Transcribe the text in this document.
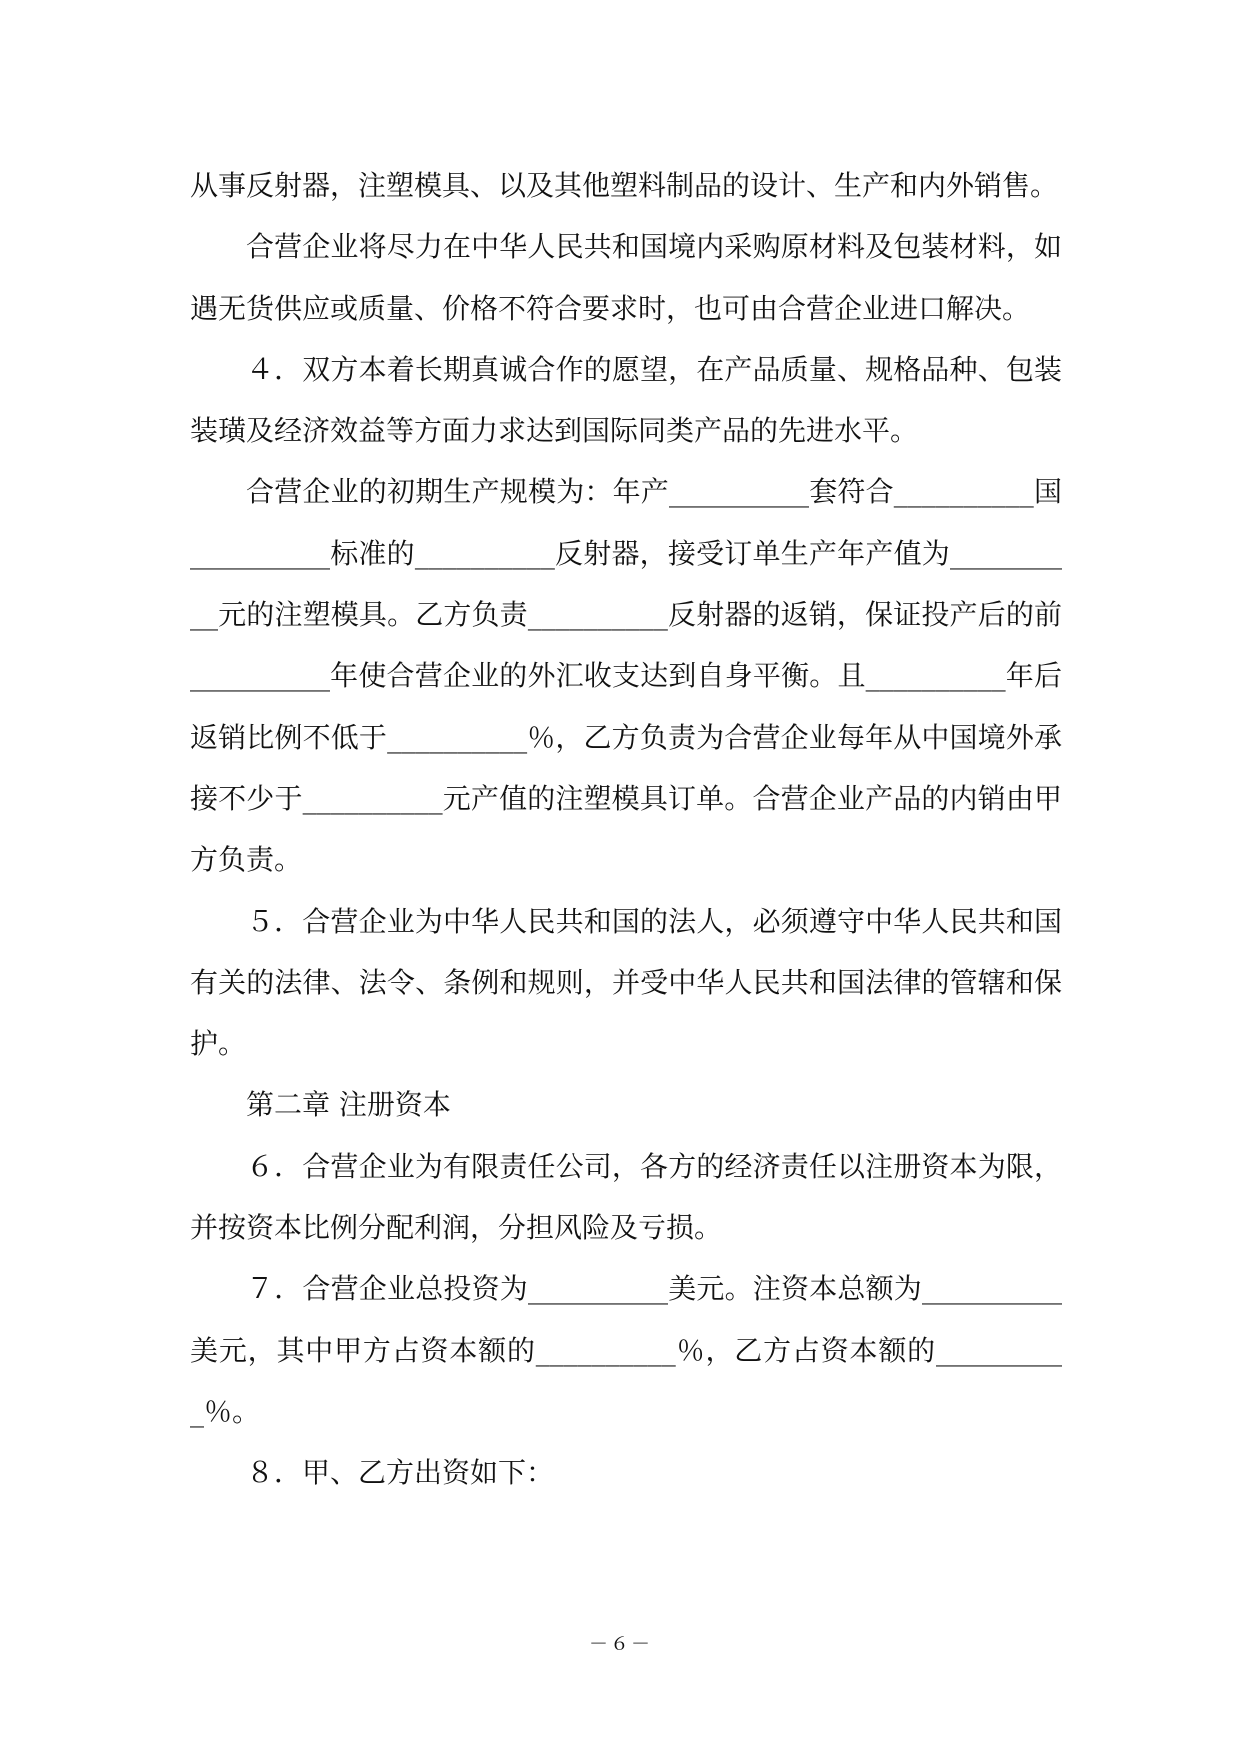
从事反射器，注塑模具、以及其他塑料制品的设计、生产和内外销售。

合营企业将尽力在中华人民共和国境内采购原材料及包装材料，如遇无货供应或质量、价格不符合要求时，也可由合营企业进口解决。

４．双方本着长期真诚合作的愿望，在产品质量、规格品种、包装装璜及经济效益等方面力求达到国际同类产品的先进水平。

合营企业的初期生产规模为：年产__________套符合__________国__________标准的__________反射器，接受订单生产年产值为__________元的注塑模具。乙方负责__________反射器的返销，保证投产后的前__________年使合营企业的外汇收支达到自身平衡。且__________年后返销比例不低于__________％，乙方负责为合营企业每年从中国境外承接不少于__________元产值的注塑模具订单。合营企业产品的内销由甲方负责。

５．合营企业为中华人民共和国的法人，必须遵守中华人民共和国有关的法律、法令、条例和规则，并受中华人民共和国法律的管辖和保护。

第二章 注册资本

６．合营企业为有限责任公司，各方的经济责任以注册资本为限，并按资本比例分配利润，分担风险及亏损。

７．合营企业总投资为__________美元。注资本总额为__________美元，其中甲方占资本额的__________％，乙方占资本额的__________％。

８．甲、乙方出资如下：

－６－
